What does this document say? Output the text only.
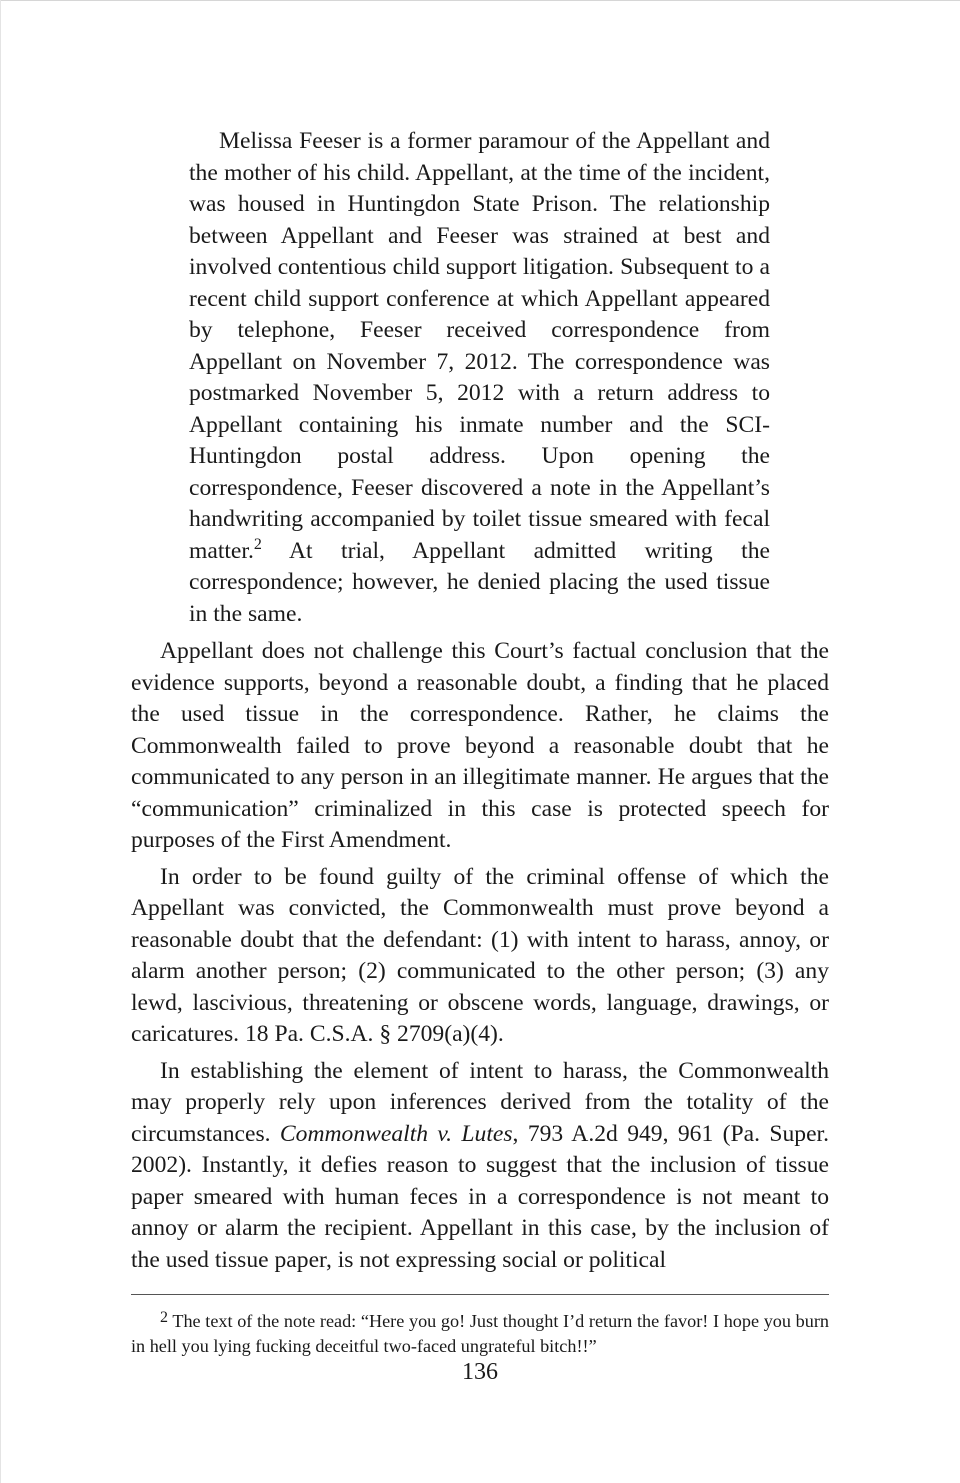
Melissa Feeser is a former paramour of the Appellant and the mother of his child. Appellant, at the time of the incident, was housed in Huntingdon State Prison. The relationship between Appellant and Feeser was strained at best and involved contentious child support litigation. Subsequent to a recent child support conference at which Appellant appeared by telephone, Feeser received correspondence from Appellant on November 7, 2012. The correspondence was postmarked November 5, 2012 with a return address to Appellant containing his inmate number and the SCI-Huntingdon postal address. Upon opening the correspondence, Feeser discovered a note in the Appellant’s handwriting accompanied by toilet tissue smeared with fecal matter.$^2$ At trial, Appellant admitted writing the correspondence; however, he denied placing the used tissue in the same.

Appellant does not challenge this Court’s factual conclusion that the evidence supports, beyond a reasonable doubt, a finding that he placed the used tissue in the correspondence. Rather, he claims the Commonwealth failed to prove beyond a reasonable doubt that he communicated to any person in an illegitimate manner. He argues that the “communication” criminalized in this case is protected speech for purposes of the First Amendment.

In order to be found guilty of the criminal offense of which the Appellant was convicted, the Commonwealth must prove beyond a reasonable doubt that the defendant: (1) with intent to harass, annoy, or alarm another person; (2) communicated to the other person; (3) any lewd, lascivious, threatening or obscene words, language, drawings, or caricatures. 18 Pa. C.S.A. § 2709(a)(4).

In establishing the element of intent to harass, the Commonwealth may properly rely upon inferences derived from the totality of the circumstances. Commonwealth v. Lutes, 793 A.2d 949, 961 (Pa. Super. 2002). Instantly, it defies reason to suggest that the inclusion of tissue paper smeared with human feces in a correspondence is not meant to annoy or alarm the recipient. Appellant in this case, by the inclusion of the used tissue paper, is not expressing social or political

$^2$ The text of the note read: “Here you go! Just thought I’d return the favor! I hope you burn in hell you lying fucking deceitful two-faced ungrateful bitch!!”

136
